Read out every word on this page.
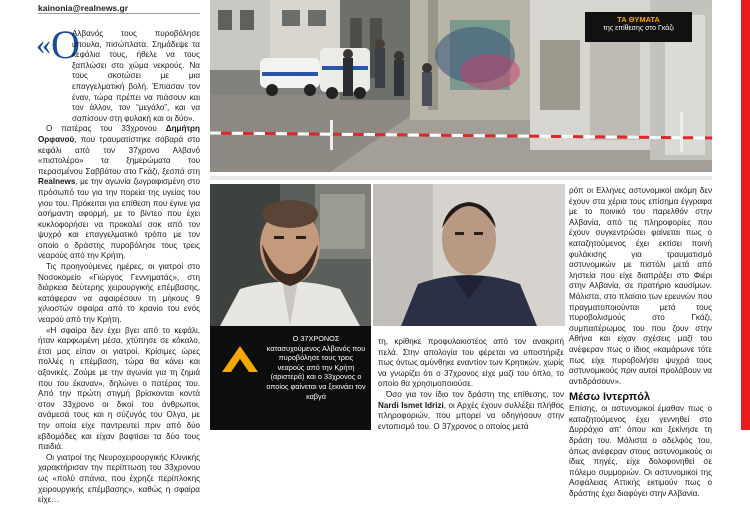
kainonia@realnews.gr
«Ο

Αλβανός τους πυροβόλησε ύπουλα, πισώπλατα. Σημάδεψε τα κεφάλια τους, ήθελε να τους ξαπλώσει στο χώμα νεκρούς. Να τους σκοτώσει με μια επαγγελματική βολή. Έπιασαν τον έναν, τώρα πρέπει να πιάσουν και τον άλλον, τον “μεγάλο”, και να σαπίσουν στη φυλακή και οι δύο».

Ο πατέρας του 33χρονου Δημήτρη Ορφανού, που τραυματίστηκε σοβαρά στο κεφάλι από τον 37χρονο Αλβανό «πιστολέρο» τα ξημερώματα του περασμένου Σαββάτου στο Γκάζι, ξεσπά στη Realnews, με την αγωνία ζωγραφισμένη στο πρόσωπό του για την πορεία της υγείας του γιου του. Πρόκειται για επίθεση που έγινε για ασήμαντη αφορμή, με το βίντεο που έχει κυκλοφορήσει να προκαλεί σοκ από τον ψυχρό και επαγγελματικό τρόπο με τον οποίο ο δράστης πυροβόλησε τους τρεις νεαρούς από την Κρήτη.

Τις προηγούμενες ημέρες, οι γιατροί στο Νοσοκομείο «Γιώργος Γεννηματάς», στη διάρκεια δεύτερης χειρουργικής επέμβασης, κατάφεραν να αφαιρέσουν τη μήκους 9 χιλιοστών σφαίρα από το κρανίο του ενός νεαρού από την Κρήτη.

«Η σφαίρα δεν έχει βγει από το κεφάλι, ήταν καρφωμένη μέσα, χτύπησε σε κόκαλο, έτσι μας είπαν οι γιατροί. Κρίσιμες ώρες πολλές η επέμβαση, τώρα θα κάνει και αξονικές. Ζούμε με την αγωνία για τη ζημιά που του έκαναν», δηλώνει ο πατέρας του. Από την πρώτη στιγμή βρίσκονται κοντά στον 33χρονο οι δικοί του άνθρωποι, ανάμεσά τους και η σύζυγός του Ολγα, με την οποία είχε παντρευτεί πριν από δύο εβδομάδες και είχαν βαφτίσει τα δύο τους παιδιά.

Οι γιατροί της Νευροχειρουργικής Κλινικής χαρακτήρισαν την περίπτωση του 33χρονου ως «πολύ σπάνια, που έχρηζε περίπλοκης χειρουργικής επέμβασης», καθώς η σφαίρα είχε…

ΤΑ ΘΥΜΑΤΑ
της επίθεσης στο Γκάζι
Ο 37ΧΡΟΝΟΣ κατασυχούμενος Αλβανός που πυροβόλησε τους τρεις νεαρούς από την Κρήτη (αριστερά) και ο 33χρονος ο οποίος φαίνεται να ξεκινάει τον καβγά

τη, κρίθηκε προφυλακιστέος από τον ανακριτή πελά. Στην απολογία του φέρεται να υποστήριξε πως όντως αμύνθηκε εναντίον των Κρητικών, χωρίς να γνωρίζει ότι ο 37χρονος είχε μαζί του όπλο, το οποίο θα χρησιμοποιούσε.

Όσο για τον ίδιο τον δράστη της επίθεσης, τον Nardi Ismet Idrizi, οι Αρχές έχουν συλλέξει πλήθος πληροφοριών, που μπορεί να οδηγήσουν στην εντοπισμό του. Ο 37χρονος ο οποίος μετά

ρόπ οι Ελληνες αστυνομικοί ακόμη δεν έχουν στα χέρια τους επίσημα έγγραφα με το ποινικό του παρελθόν στην Αλβανία, από τις πληροφορίες που έχουν συγκεντρώσει φαίνεται πως ο καταζητούμενος έχει εκτίσει ποινή φυλάκισης για τραυματισμό αστυνομικών με πιστόλι μετά από ληστεία που είχε διαπράξει στο Φιέρι στην Αλβανία, σε πρατήριο καυσίμων. Μάλιστα, στο πλαίσιο των ερευνών που πραγματοποιούνται μετά τους πυροβολισμούς στο Γκάζι, συμπαιτέρωμος του που ζουν στην Αθήνα και είχαν σχέσεις μαζί του ανέφεραν πως ο ίδιος «καμάρωνε τότε πως είχε πυροβολήσει ψυχρά τους αστυνομικούς πριν αυτοί προλάβουν να αντιδράσουν».

Μέσω Ιντερπόλ

Επίσης, οι αστυνομικοί έμαθαν πως ο καταζητούμενος έχει γεννηθεί στο Δυρράχιο απ' όπου και ξεκίνησε τη δράση του. Μάλιστα ο αδελφός του, όπως ανέφεραν στους αστυνομικούς οι ίδιες πηγές, είχε δολοφονηθεί σε πόλεμο συμμοριών. Οι αστυνομικοί της Ασφάλειας Αττικής εκτιμούν πως ο δράστης έχει διαφύγει στην Αλβανία.
